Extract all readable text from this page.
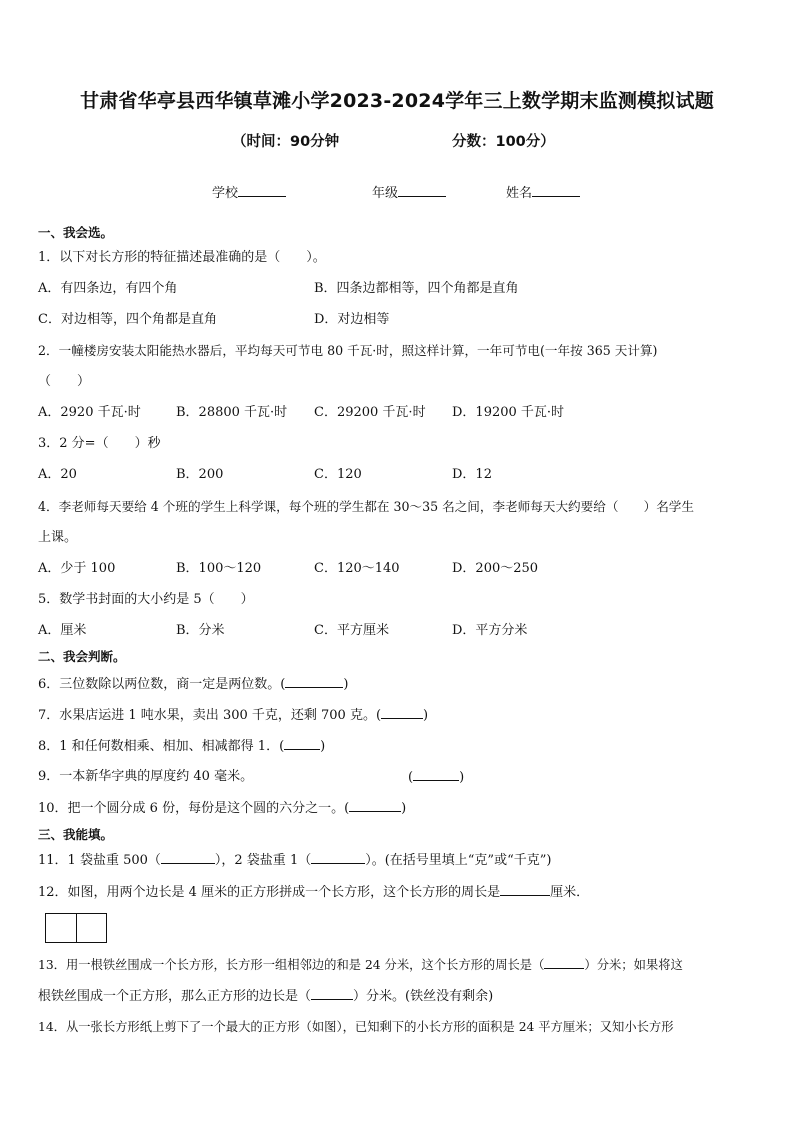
甘肃省华亭县西华镇草滩小学2023-2024学年三上数学期末监测模拟试题
（时间：90分钟	分数：100分）
学校	年级	姓名
一、我会选。
1．以下对长方形的特征描述最准确的是（　　）。
A．有四条边，有四个角	B．四条边都相等，四个角都是直角
C．对边相等，四个角都是直角	D．对边相等
2．一幢楼房安装太阳能热水器后，平均每天可节电 80 千瓦·时，照这样计算，一年可节电(一年按 365 天计算)
（　　）
A．2920 千瓦·时	B．28800 千瓦·时 C．29200 千瓦·时 D．19200 千瓦·时
3．2 分=（　　）秒
A．20	B．200	C．120	D．12
4．李老师每天要给 4 个班的学生上科学课，每个班的学生都在 30～35 名之间，李老师每天大约要给（　　）名学生
上课。
A．少于 100	B．100～120	C．120～140	D．200～250
5．数学书封面的大小约是 5（　　）
A．厘米	B．分米	C．平方厘米	D．平方分米
二、我会判断。
6．三位数除以两位数，商一定是两位数。(	)
7．水果店运进 1 吨水果，卖出 300 千克，还剩 700 克。(	)
8．1 和任何数相乘、相加、相减都得 1．(	)
9．一本新华字典的厚度约 40 毫米。	(	)
10．把一个圆分成 6 份，每份是这个圆的六分之一。(	)
三、我能填。
11．1 袋盐重 500（	），2 袋盐重 1（	）。(在括号里填上“克”或“千克”)
12．如图，用两个边长是 4 厘米的正方形拼成一个长方形，这个长方形的周长是	厘米．
13．用一根铁丝围成一个长方形，长方形一组相邻边的和是 24 分米，这个长方形的周长是（	）分米；如果将这
根铁丝围成一个正方形，那么正方形的边长是（	）分米。(铁丝没有剩余)
14．从一张长方形纸上剪下了一个最大的正方形（如图），已知剩下的小长方形的面积是 24 平方厘米；又知小长方形
